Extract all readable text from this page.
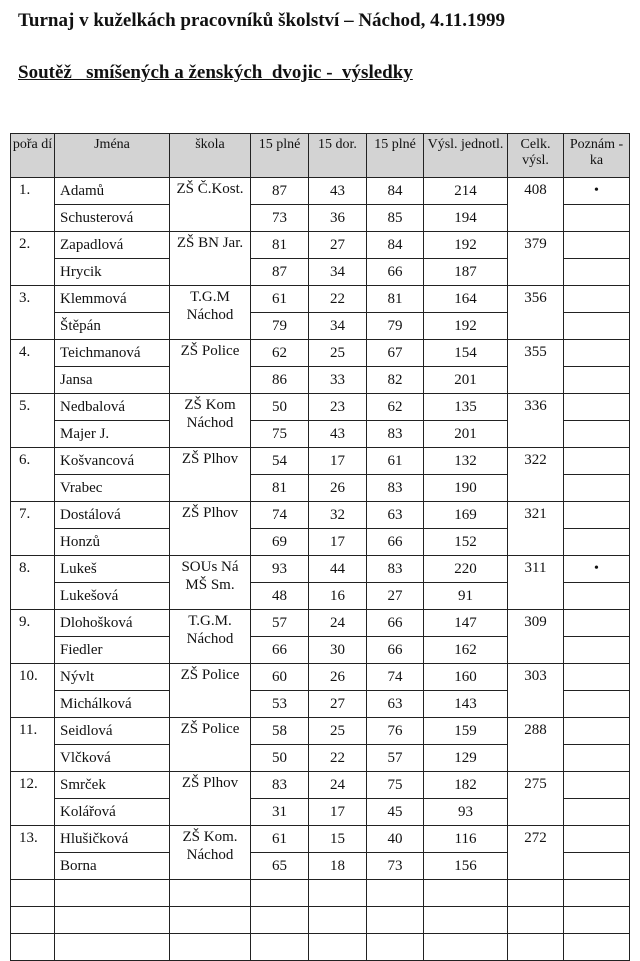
Turnaj v kuželkách pracovníků školství – Náchod, 4.11.1999
Soutěž   smíšených a ženských  dvojic -  výsledky
pořa dí	Jména	škola	15 plné	15 dor.	15 plné	Výsl. jednotl.	Celk. výsl.	Poznám - ka
1.	Adamů	ZŠ Č.Kost.	87	43	84	214	408	•
	Schusterová		73	36	85	194		
2.	Zapadlová	ZŠ BN Jar.	81	27	84	192	379	
	Hrycik		87	34	66	187		
3.	Klemmová	T.G.M Náchod	61	22	81	164	356	
	Štěpán		79	34	79	192		
4.	Teichmanová	ZŠ Police	62	25	67	154	355	
	Jansa		86	33	82	201		
5.	Nedbalová	ZŠ Kom Náchod	50	23	62	135	336	
	Majer J.		75	43	83	201		
6.	Košvancová	ZŠ Plhov	54	17	61	132	322	
	Vrabec		81	26	83	190		
7.	Dostálová	ZŠ Plhov	74	32	63	169	321	
	Honzů		69	17	66	152		
8.	Lukeš	SOUs Ná MŠ Sm.	93	44	83	220	311	•
	Lukešová		48	16	27	91		
9.	Dlohošková	T.G.M. Náchod	57	24	66	147	309	
	Fiedler		66	30	66	162		
10.	Nývlt	ZŠ Police	60	26	74	160	303	
	Michálková		53	27	63	143		
11.	Seidlová	ZŠ Police	58	25	76	159	288	
	Vlčková		50	22	57	129		
12.	Smrček	ZŠ Plhov	83	24	75	182	275	
	Kolářová		31	17	45	93		
13.	Hlušičková	ZŠ Kom. Náchod	61	15	40	116	272	
	Borna		65	18	73	156		
